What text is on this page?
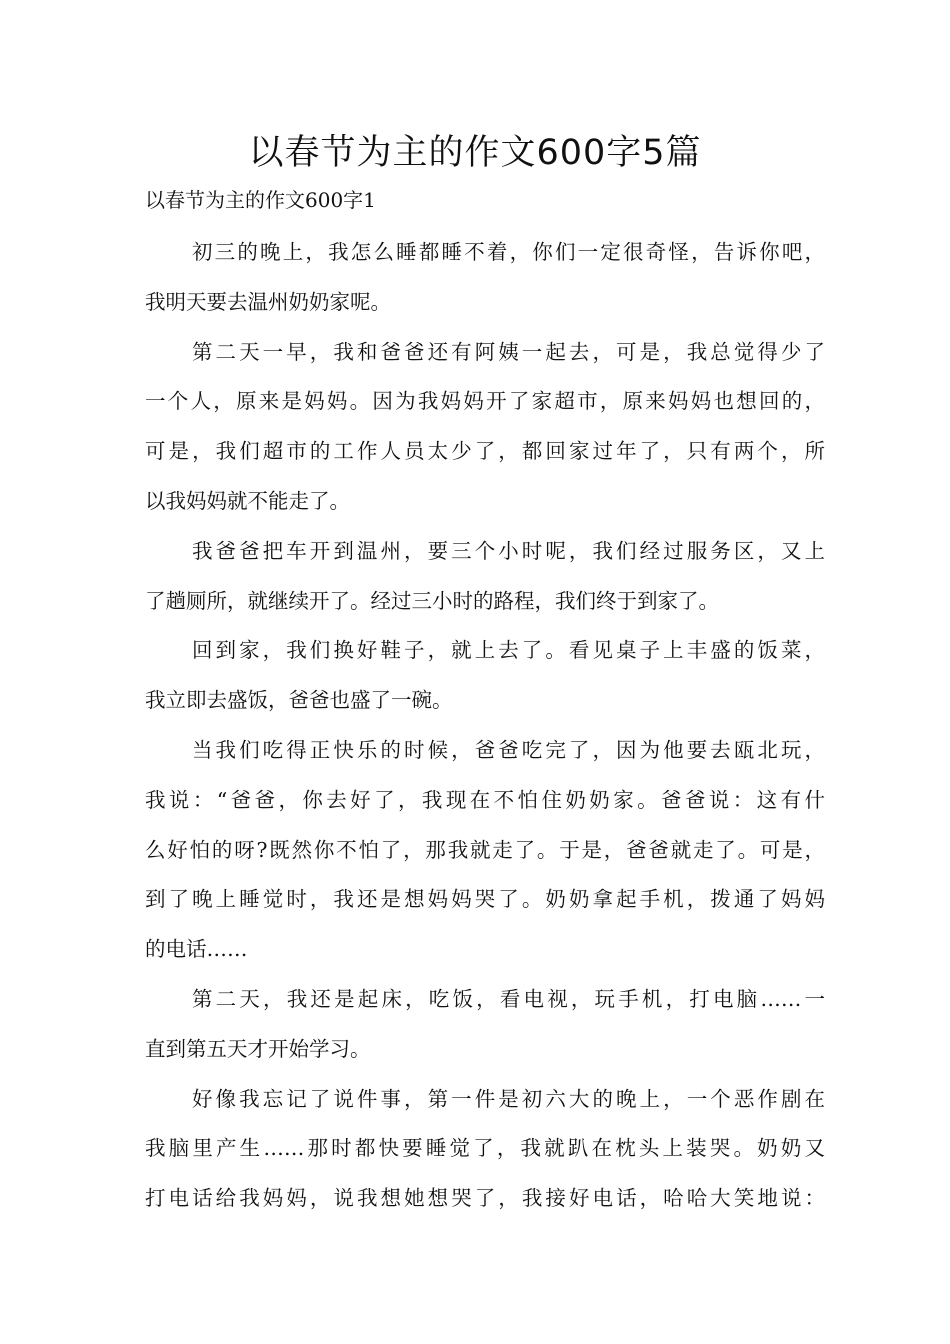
以春节为主的作文600字5篇

以春节为主的作文600字1

初三的晚上，我怎么睡都睡不着，你们一定很奇怪，告诉你吧，

我明天要去温州奶奶家呢。

第二天一早，我和爸爸还有阿姨一起去，可是，我总觉得少了

一个人，原来是妈妈。因为我妈妈开了家超市，原来妈妈也想回的，

可是，我们超市的工作人员太少了，都回家过年了，只有两个，所

以我妈妈就不能走了。

我爸爸把车开到温州，要三个小时呢，我们经过服务区，又上

了趟厕所，就继续开了。经过三小时的路程，我们终于到家了。

回到家，我们换好鞋子，就上去了。看见桌子上丰盛的饭菜，

我立即去盛饭，爸爸也盛了一碗。

当我们吃得正快乐的时候，爸爸吃完了，因为他要去瓯北玩，

我说：“爸爸，你去好了，我现在不怕住奶奶家。爸爸说：这有什

么好怕的呀?既然你不怕了，那我就走了。于是，爸爸就走了。可是，

到了晚上睡觉时，我还是想妈妈哭了。奶奶拿起手机，拨通了妈妈

的电话……

第二天，我还是起床，吃饭，看电视，玩手机，打电脑……一

直到第五天才开始学习。

好像我忘记了说件事，第一件是初六大的晚上，一个恶作剧在

我脑里产生……那时都快要睡觉了，我就趴在枕头上装哭。奶奶又

打电话给我妈妈，说我想她想哭了，我接好电话，哈哈大笑地说：
